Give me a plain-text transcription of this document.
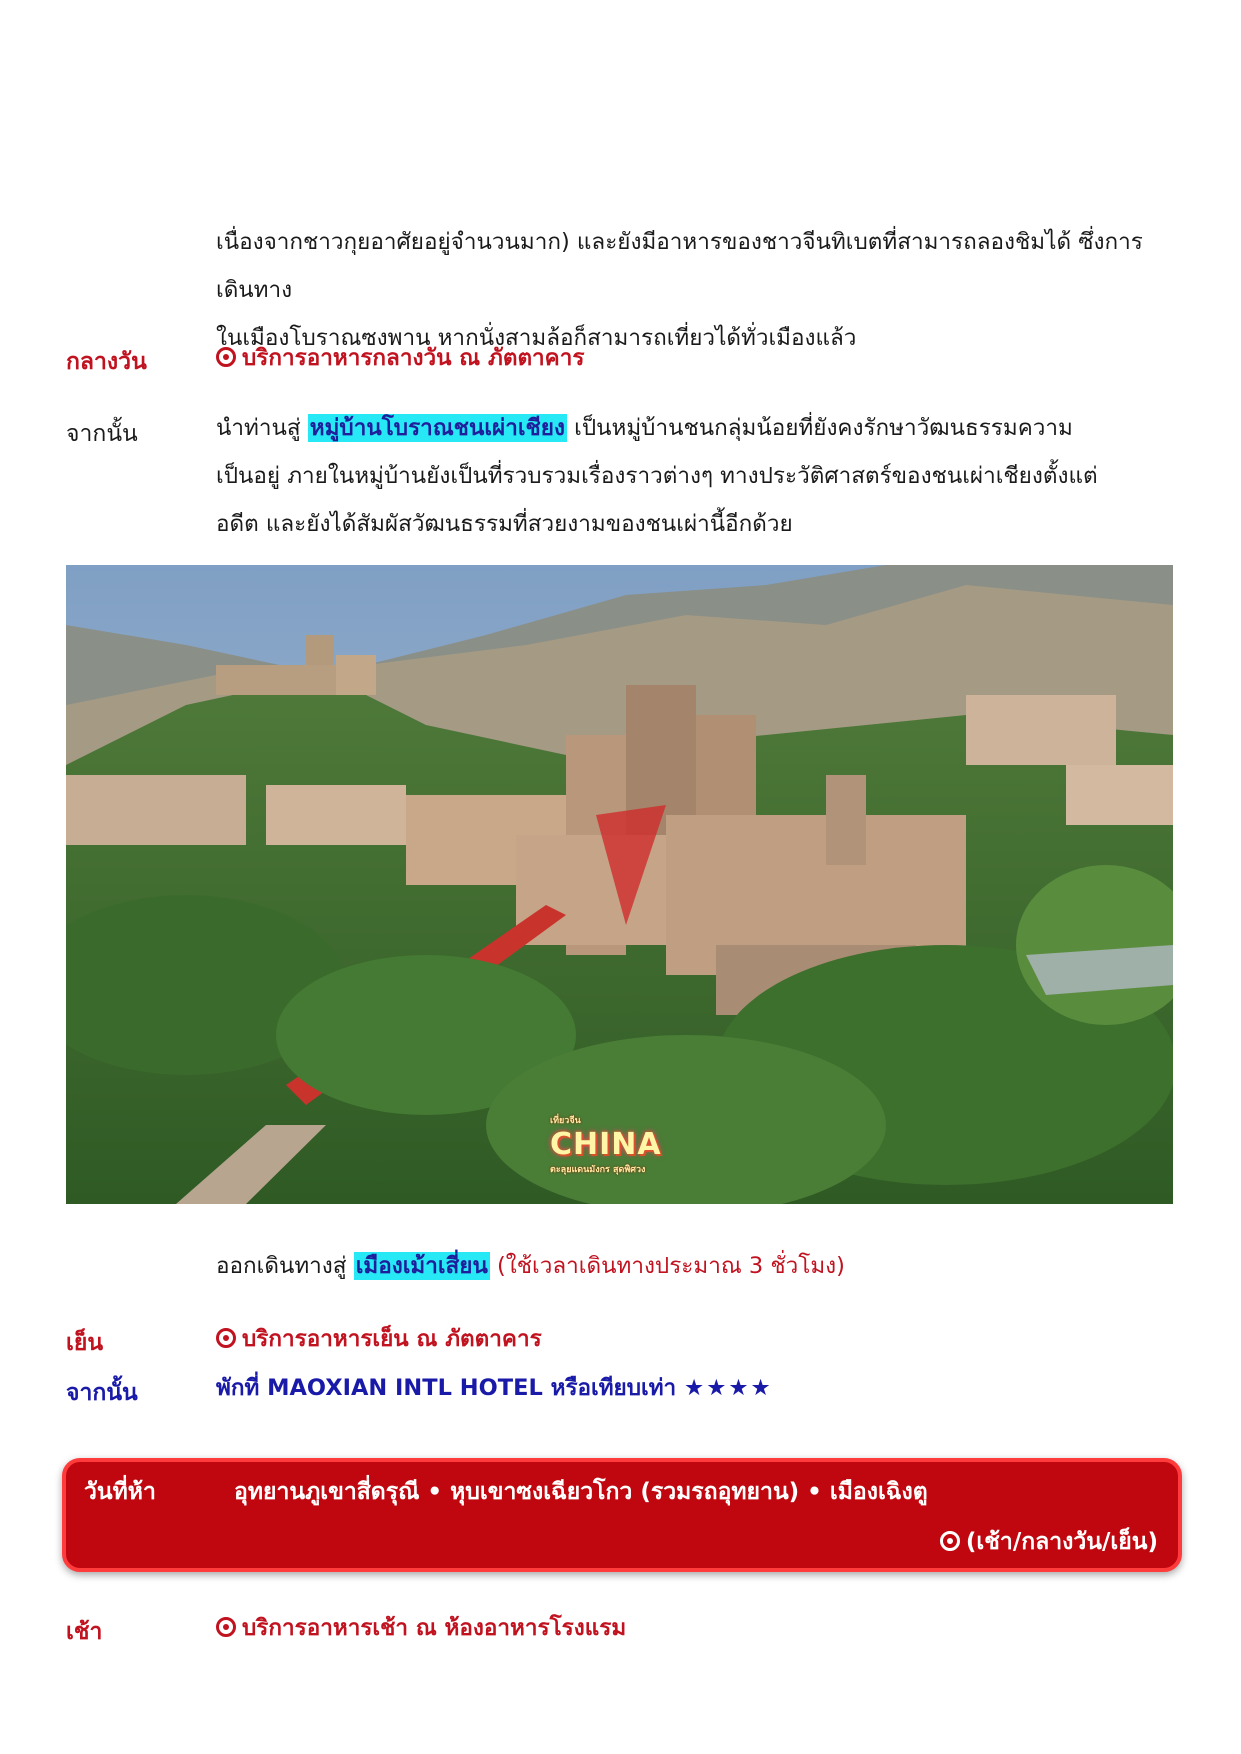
เนื่องจากชาวกุยอาศัยอยู่จำนวนมาก) และยังมีอาหารของชาวจีนทิเบตที่สามารถลองชิมได้ ซึ่งการเดินทาง
ในเมืองโบราณซงพาน หากนั่งสามล้อก็สามารถเที่ยวได้ทั่วเมืองแล้ว
กลางวัน	บริการอาหารกลางวัน ณ ภัตตาคาร
จากนั้น	นำท่านสู่ หมู่บ้านโบราณชนเผ่าเชียง เป็นหมู่บ้านชนกลุ่มน้อยที่ยังคงรักษาวัฒนธรรมความ
เป็นอยู่ ภายในหมู่บ้านยังเป็นที่รวบรวมเรื่องราวต่างๆ ทางประวัติศาสตร์ของชนเผ่าเชียงตั้งแต่
อดีต และยังได้สัมผัสวัฒนธรรมที่สวยงามของชนเผ่านี้อีกด้วย
เที่ยวจีน
CHINA
ตะลุยแดนมังกร สุดพิศวง
ออกเดินทางสู่ เมืองเม้าเสี่ยน (ใช้เวลาเดินทางประมาณ 3 ชั่วโมง)
เย็น	บริการอาหารเย็น ณ ภัตตาคาร
จากนั้น	พักที่ MAOXIAN INTL HOTEL หรือเทียบเท่า ★★★★
วันที่ห้า	อุทยานภูเขาสี่ดรุณี • หุบเขาซงเฉียวโกว (รวมรถอุทยาน) • เมืองเฉิงตู
(เช้า/กลางวัน/เย็น)
เช้า	บริการอาหารเช้า ณ ห้องอาหารโรงแรม
